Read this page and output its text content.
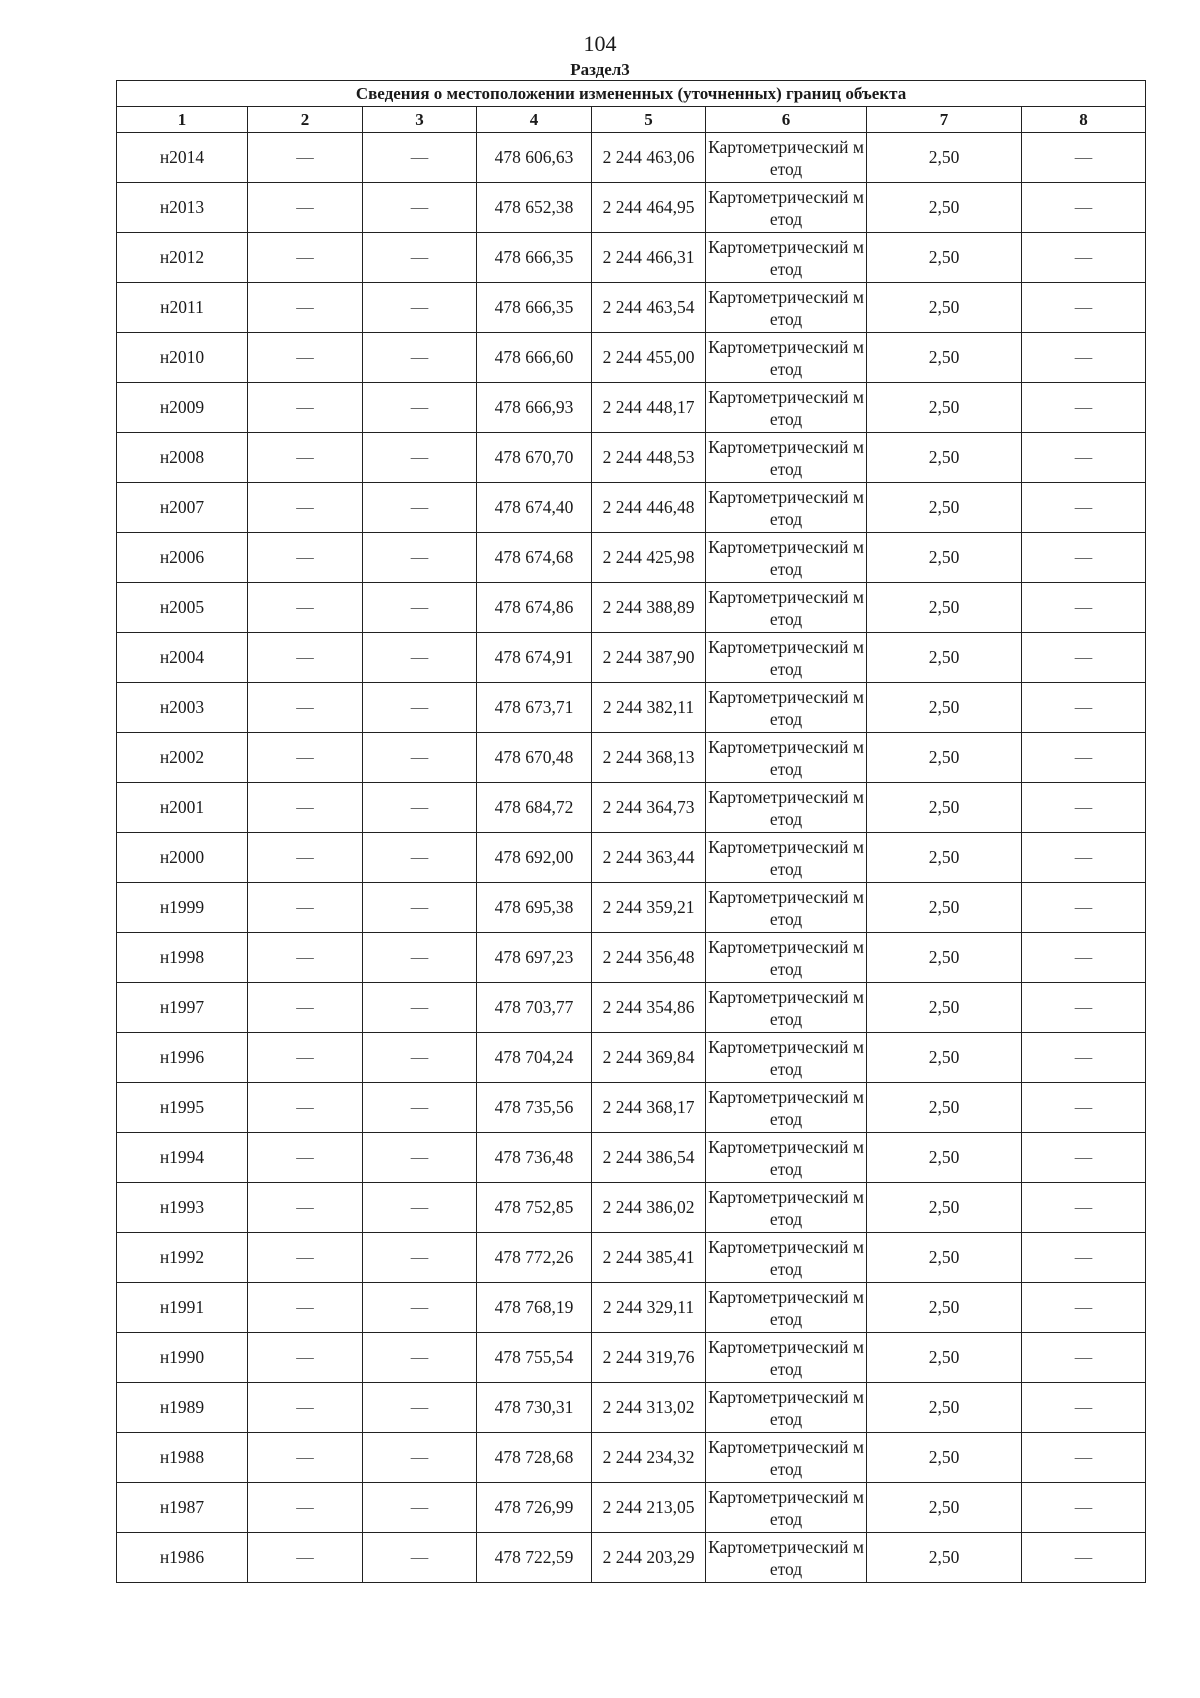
104
Раздел3
Сведения о местоположении измененных (уточненных) границ объекта							
1	2	3	4	5	6	7	8
н2014	—	—	478 606,63	2 244 463,06	Картометрический метод	2,50	—
н2013	—	—	478 652,38	2 244 464,95	Картометрический метод	2,50	—
н2012	—	—	478 666,35	2 244 466,31	Картометрический метод	2,50	—
н2011	—	—	478 666,35	2 244 463,54	Картометрический метод	2,50	—
н2010	—	—	478 666,60	2 244 455,00	Картометрический метод	2,50	—
н2009	—	—	478 666,93	2 244 448,17	Картометрический метод	2,50	—
н2008	—	—	478 670,70	2 244 448,53	Картометрический метод	2,50	—
н2007	—	—	478 674,40	2 244 446,48	Картометрический метод	2,50	—
н2006	—	—	478 674,68	2 244 425,98	Картометрический метод	2,50	—
н2005	—	—	478 674,86	2 244 388,89	Картометрический метод	2,50	—
н2004	—	—	478 674,91	2 244 387,90	Картометрический метод	2,50	—
н2003	—	—	478 673,71	2 244 382,11	Картометрический метод	2,50	—
н2002	—	—	478 670,48	2 244 368,13	Картометрический метод	2,50	—
н2001	—	—	478 684,72	2 244 364,73	Картометрический метод	2,50	—
н2000	—	—	478 692,00	2 244 363,44	Картометрический метод	2,50	—
н1999	—	—	478 695,38	2 244 359,21	Картометрический метод	2,50	—
н1998	—	—	478 697,23	2 244 356,48	Картометрический метод	2,50	—
н1997	—	—	478 703,77	2 244 354,86	Картометрический метод	2,50	—
н1996	—	—	478 704,24	2 244 369,84	Картометрический метод	2,50	—
н1995	—	—	478 735,56	2 244 368,17	Картометрический метод	2,50	—
н1994	—	—	478 736,48	2 244 386,54	Картометрический метод	2,50	—
н1993	—	—	478 752,85	2 244 386,02	Картометрический метод	2,50	—
н1992	—	—	478 772,26	2 244 385,41	Картометрический метод	2,50	—
н1991	—	—	478 768,19	2 244 329,11	Картометрический метод	2,50	—
н1990	—	—	478 755,54	2 244 319,76	Картометрический метод	2,50	—
н1989	—	—	478 730,31	2 244 313,02	Картометрический метод	2,50	—
н1988	—	—	478 728,68	2 244 234,32	Картометрический метод	2,50	—
н1987	—	—	478 726,99	2 244 213,05	Картометрический метод	2,50	—
н1986	—	—	478 722,59	2 244 203,29	Картометрический метод	2,50	—
